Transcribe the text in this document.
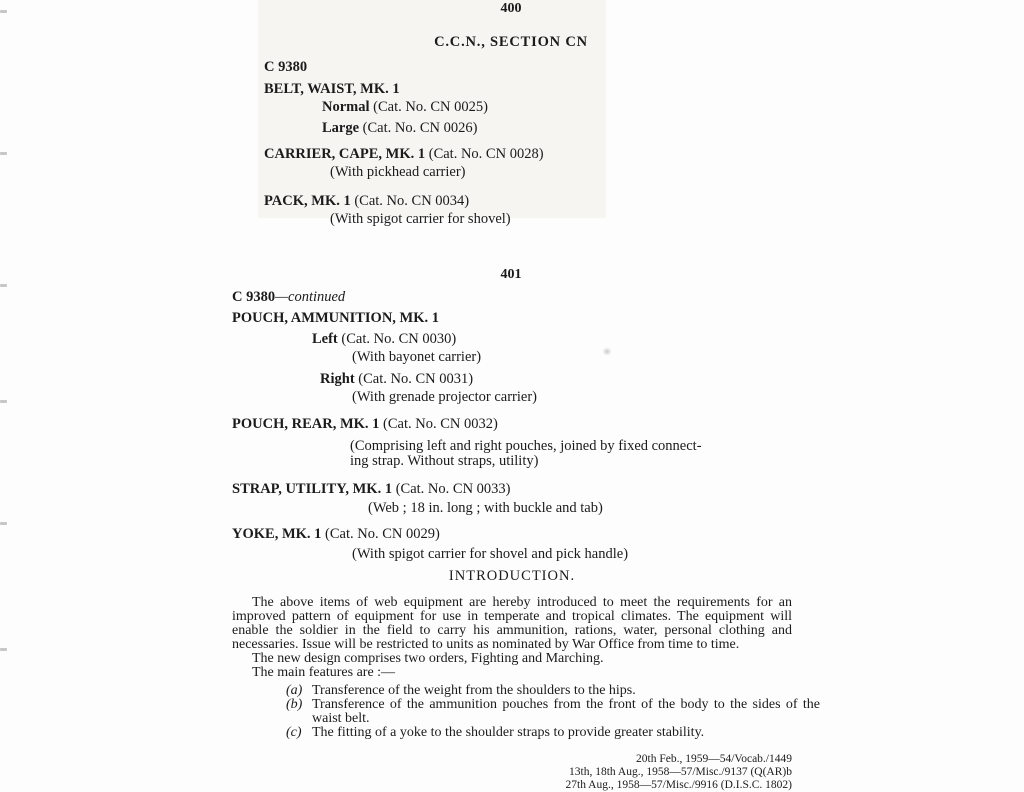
400
C.C.N., SECTION CN
C 9380
BELT, WAIST, MK. 1
Normal (Cat. No. CN 0025)
Large (Cat. No. CN 0026)
CARRIER, CAPE, MK. 1 (Cat. No. CN 0028)
(With pickhead carrier)
PACK, MK. 1 (Cat. No. CN 0034)
(With spigot carrier for shovel)
401
C 9380—continued
POUCH, AMMUNITION, MK. 1
Left (Cat. No. CN 0030)
(With bayonet carrier)
Right (Cat. No. CN 0031)
(With grenade projector carrier)
POUCH, REAR, MK. 1 (Cat. No. CN 0032)
(Comprising left and right pouches, joined by fixed connect-
ing strap. Without straps, utility)
STRAP, UTILITY, MK. 1 (Cat. No. CN 0033)
(Web ; 18 in. long ; with buckle and tab)
YOKE, MK. 1 (Cat. No. CN 0029)
(With spigot carrier for shovel and pick handle)
INTRODUCTION.
The above items of web equipment are hereby introduced to meet the requirements for an improved pattern of equipment for use in temperate and tropical climates. The equipment will enable the soldier in the field to carry his ammunition, rations, water, personal clothing and necessaries. Issue will be restricted to units as nominated by War Office from time to time.
The new design comprises two orders, Fighting and Marching.
The main features are :—
(a) Transference of the weight from the shoulders to the hips.
(b) Transference of the ammunition pouches from the front of the body to the sides of the waist belt.
(c) The fitting of a yoke to the shoulder straps to provide greater stability.
20th Feb., 1959—54/Vocab./1449
13th, 18th Aug., 1958—57/Misc./9137 (Q(AR)b
27th Aug., 1958—57/Misc./9916 (D.I.S.C. 1802)
